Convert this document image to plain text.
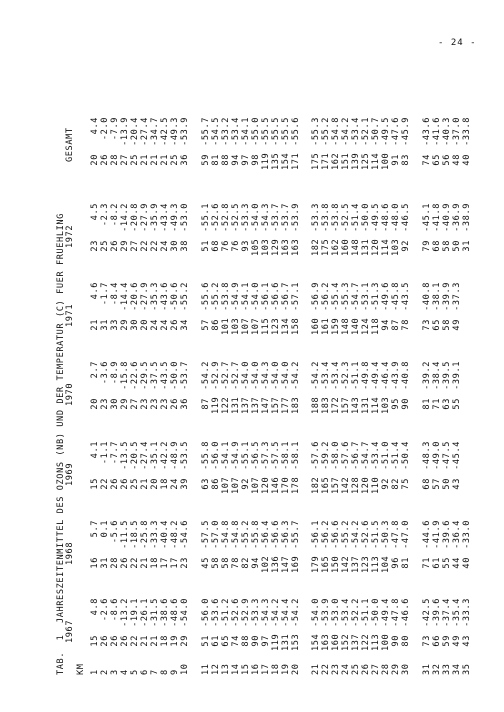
- 24 -
TAB.  1  JAHRESZEITENMITTEL DES OZONS (NB) UND DER TEMPERATUR (C) FUER FRUEHLING KM
1967
1968
1969
1970
1971
1972
GESAMT
1
15
4.8
16
5.7
15
4.1
20
2.7
21
4.6
23
4.5
20
4.4
2
26
-2.6
31
0.1
22
-1.1
23
-3.6
31
-1.7
25
-2.3
26
-2.0
3
26
-8.6
28
-5.6
26
-7.7
30
-8.9
33
-8.4
26
-8.2
28
-7.9
4
26
-13.2
26
-11.5
26
-13.5
29
-15.8
29
-14.4
29
-14.2
27
-13.9
5
22
-19.1
22
-18.5
25
-20.5
27
-22.6
30
-20.6
27
-20.8
25
-20.4
6
21
-26.1
21
-25.8
21
-27.4
23
-29.5
20
-27.9
22
-27.9
21
-27.4
7
21
-31.5
18
-33.3
20
-35.1
23
-37.5
24
-35.3
22
-35.9
21
-34.7
8
18
-38.6
17
-40.4
18
-42.2
23
-43.5
24
-43.6
24
-43.4
21
-42.5
9
19
-48.6
17
-48.2
24
-48.9
26
-50.0
26
-50.6
30
-49.3
25
-49.3
10
29
-54.0
23
-54.6
39
-53.5
36
-53.7
34
-55.2
38
-53.0
36
-53.9
11
51
-56.0
45
-57.5
63
-55.8
87
-54.2
57
-55.6
51
-55.1
59
-55.7
12
61
-53.6
58
-57.0
86
-56.0
119
-52.9
86
-55.2
68
-52.6
81
-54.5
13
65
-51.2
58
-54.8
107
-54.1
122
-52.7
101
-53.8
76
-52.8
88
-53.2
14
74
-52.6
78
-54.8
107
-54.9
131
-52.7
103
-54.9
76
-52.5
94
-53.4
15
88
-52.9
82
-55.2
92
-55.1
137
-54.0
107
-54.1
93
-53.3
97
-54.1
16
90
-53.3
94
-55.8
107
-56.5
137
-54.0
107
-54.0
105
-54.0
98
-55.0
17
97
-54.3
102
-56.4
120
-57.3
147
-54.3
115
-56.1
103
-54.3
119
-55.5
18
119
-54.2
136
-56.6
146
-57.5
157
-54.0
123
-56.6
129
-53.7
135
-55.5
19
131
-54.4
147
-56.3
170
-58.1
177
-54.0
134
-56.7
163
-53.7
154
-55.5
20
153
-54.2
169
-55.7
178
-58.1
183
-54.2
158
-57.1
163
-53.9
171
-55.6
21
154
-54.0
179
-56.1
182
-57.6
188
-54.2
160
-56.9
182
-53.3
175
-55.3
22
163
-53.9
165
-56.2
165
-59.2
183
-53.4
161
-56.2
175
-53.8
171
-55.2
23
160
-53.0
150
-56.6
157
-58.0
172
-53.4
159
-55.4
162
-53.8
162
-54.8
24
152
-53.4
142
-55.2
142
-57.6
157
-52.3
148
-55.3
160
-52.5
151
-54.2
25
137
-52.2
137
-54.2
128
-56.7
143
-51.1
140
-54.7
148
-51.4
139
-53.4
26
122
-51.1
123
-52.6
120
-54.7
131
-49.8
124
-53.1
131
-50.0
125
-52.1
27
113
-50.0
113
-51.5
110
-53.4
114
-49.4
118
-51.3
120
-49.5
114
-50.7
28
100
-49.4
104
-50.3
92
-51.0
103
-46.4
94
-49.6
114
-48.6
100
-49.5
29
90
-47.8
96
-47.8
82
-51.4
95
-43.9
87
-45.8
103
-48.0
91
-47.6
30
80
-46.6
81
-47.0
75
-50.4
90
-40.8
78
-43.5
92
-46.5
83
-45.9
31
73
-42.5
71
-44.6
68
-48.3
81
-39.2
73
-40.8
79
-45.1
74
-43.6
32
66
-39.6
61
-41.9
57
-49.0
71
-38.4
65
-38.1
68
-41.8
65
-41.6
33
59
-37.4
55
-39.6
50
-47.5
63
-39.5
58
-39.9
58
-40.9
56
-40.3
34
49
-35.4
44
-36.4
43
-45.4
55
-39.1
49
-37.3
50
-36.9
48
-37.0
35
43
-33.3
40
-33.0
31
-38.9
40
-33.8
